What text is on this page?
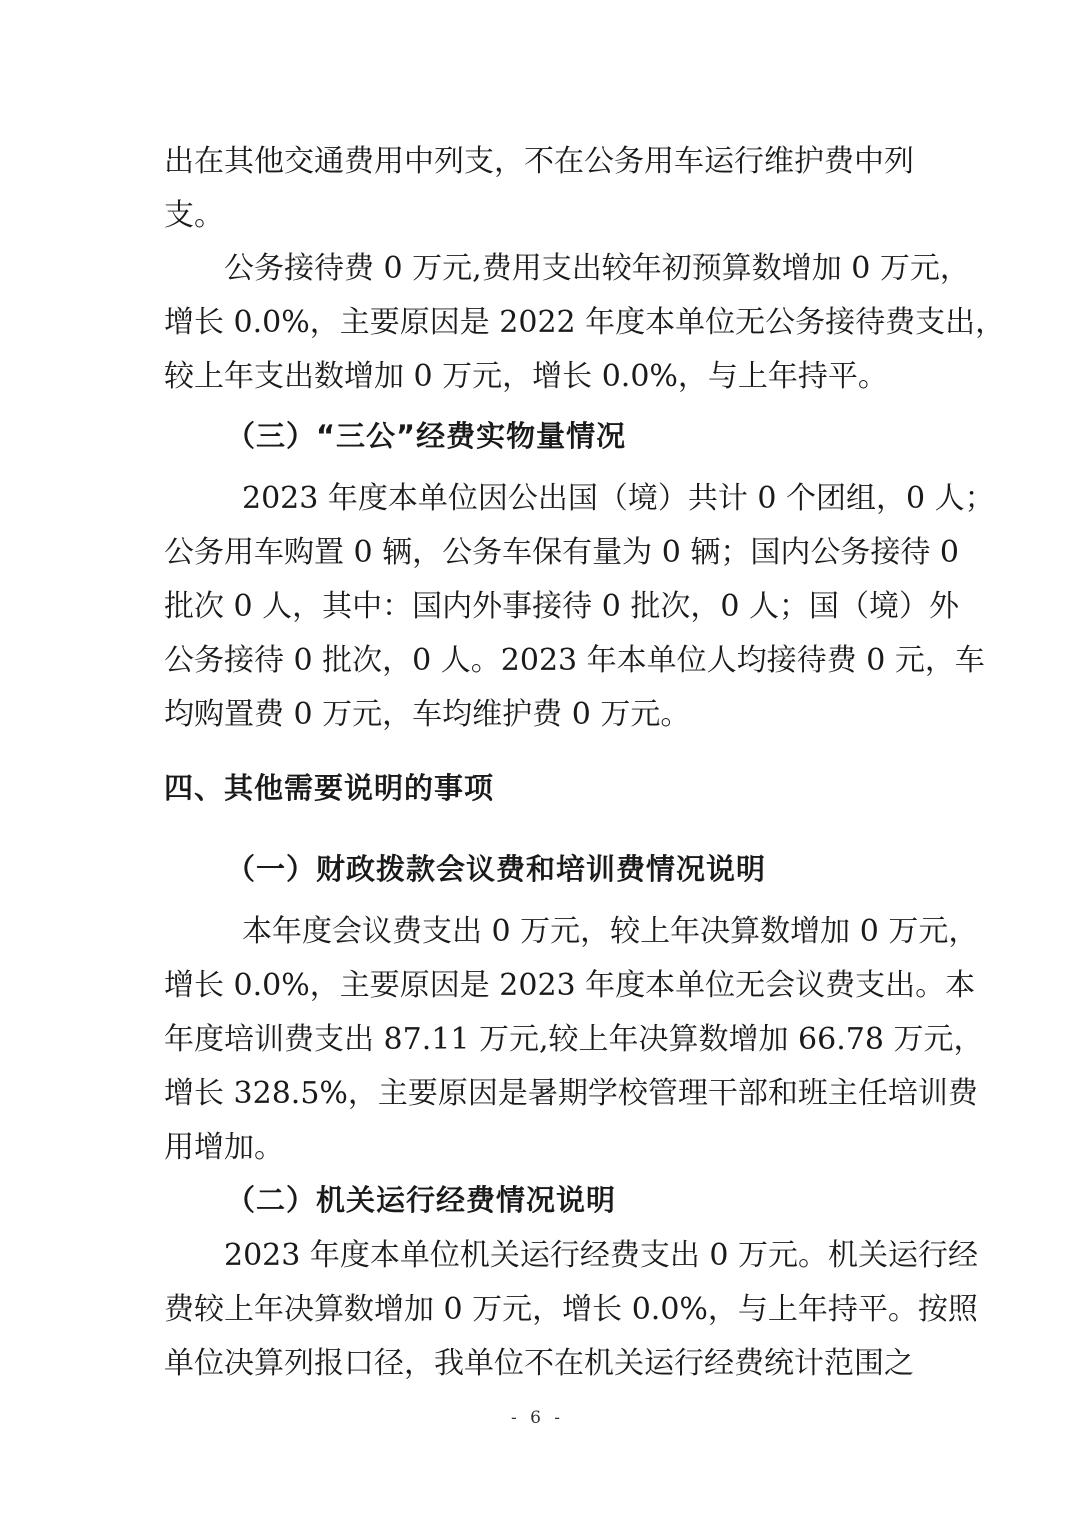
出在其他交通费用中列支，不在公务用车运行维护费中列
支。
公务接待费 0 万元,费用支出较年初预算数增加 0 万元，
增长 0.0%，主要原因是 2022 年度本单位无公务接待费支出，
较上年支出数增加 0 万元，增长 0.0%，与上年持平。
（三）“三公”经费实物量情况
2023 年度本单位因公出国（境）共计 0 个团组，0 人；
公务用车购置 0 辆，公务车保有量为 0 辆；国内公务接待 0
批次 0 人，其中：国内外事接待 0 批次，0 人；国（境）外
公务接待 0 批次，0 人。2023 年本单位人均接待费 0 元，车
均购置费 0 万元，车均维护费 0 万元。
四、其他需要说明的事项
（一）财政拨款会议费和培训费情况说明
本年度会议费支出 0 万元，较上年决算数增加 0 万元，
增长 0.0%，主要原因是 2023 年度本单位无会议费支出。本
年度培训费支出 87.11 万元,较上年决算数增加 66.78 万元，
增长 328.5%，主要原因是暑期学校管理干部和班主任培训费
用增加。
（二）机关运行经费情况说明
2023 年度本单位机关运行经费支出 0 万元。机关运行经
费较上年决算数增加 0 万元，增长 0.0%，与上年持平。按照
单位决算列报口径，我单位不在机关运行经费统计范围之
- 6 -
